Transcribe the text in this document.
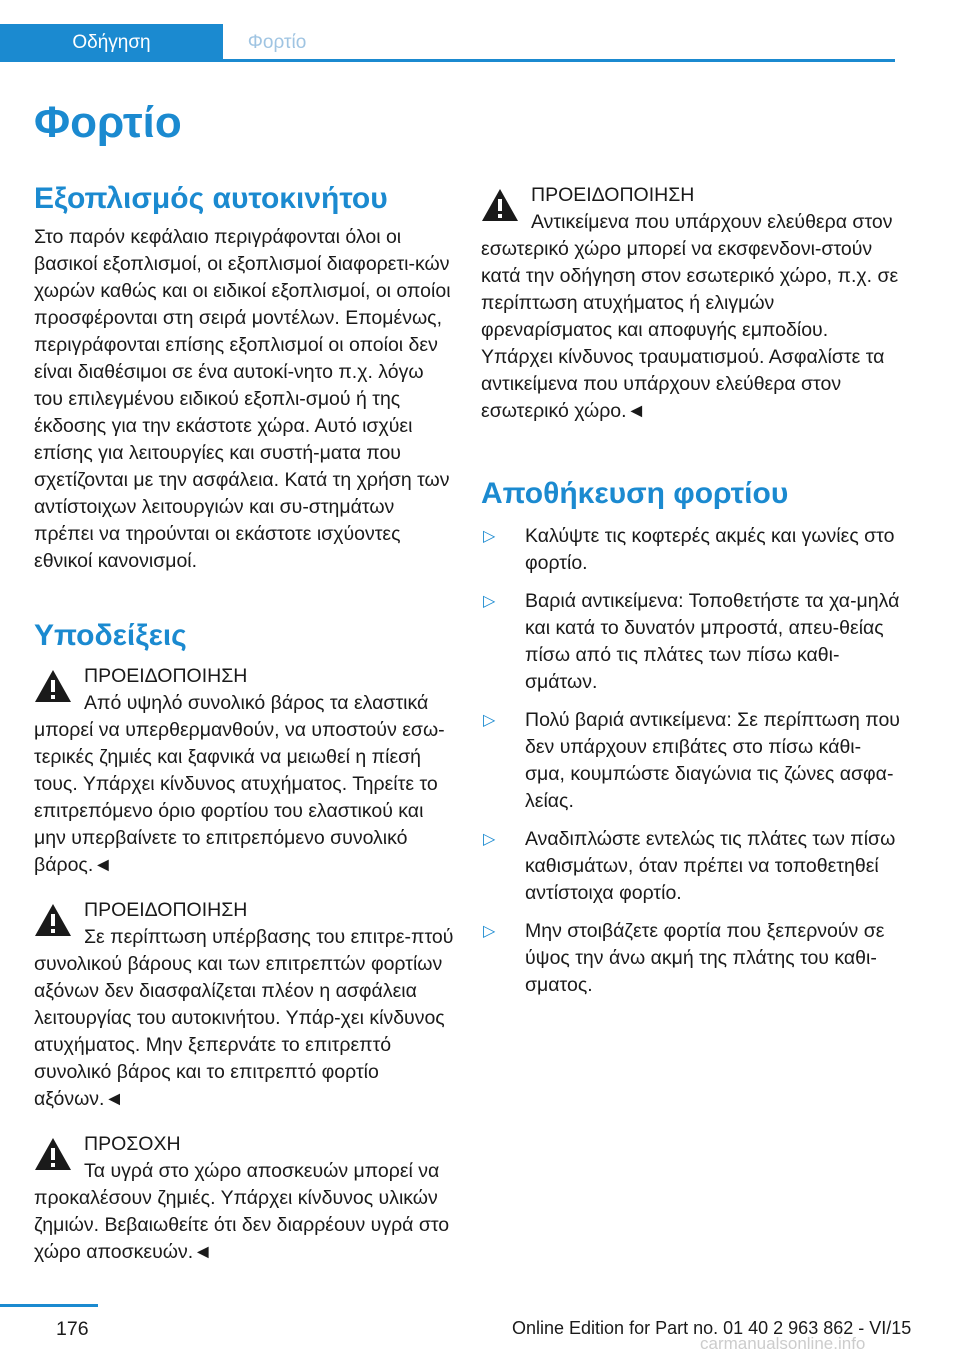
Οδήγηση	Φορτίο
Φορτίο
Εξοπλισμός αυτοκινήτου

Στο παρόν κεφάλαιο περιγράφονται όλοι οι βασικοί εξοπλισμοί, οι εξοπλισμοί διαφορετι‐κών χωρών καθώς και οι ειδικοί εξοπλισμοί, οι οποίοι προσφέρονται στη σειρά μοντέλων. Επομένως, περιγράφονται επίσης εξοπλισμοί οι οποίοι δεν είναι διαθέσιμοι σε ένα αυτοκί‐νητο π.χ. λόγω του επιλεγμένου ειδικού εξοπλι‐σμού ή της έκδοσης για την εκάστοτε χώρα. Αυτό ισχύει επίσης για λειτουργίες και συστή‐ματα που σχετίζονται με την ασφάλεια. Κατά τη χρήση των αντίστοιχων λειτουργιών και συ‐στημάτων πρέπει να τηρούνται οι εκάστοτε ισχύοντες εθνικοί κανονισμοί.

Υποδείξεις
ΠΡΟΕΙΔΟΠΟΙΗΣΗ
Από υψηλό συνολικό βάρος τα ελαστικά μπορεί να υπερθερμανθούν, να υποστούν εσω‐τερικές ζημιές και ξαφνικά να μειωθεί η πίεσή τους. Υπάρχει κίνδυνος ατυχήματος. Τηρείτε το επιτρεπόμενο όριο φορτίου του ελαστικού και μην υπερβαίνετε το επιτρεπόμενο συνολικό βάρος.◄
ΠΡΟΕΙΔΟΠΟΙΗΣΗ
Σε περίπτωση υπέρβασης του επιτρε‐πτού συνολικού βάρους και των επιτρεπτών φορτίων αξόνων δεν διασφαλίζεται πλέον η ασφάλεια λειτουργίας του αυτοκινήτου. Υπάρ‐χει κίνδυνος ατυχήματος. Μην ξεπερνάτε το επιτρεπτό συνολικό βάρος και το επιτρεπτό φορτίο αξόνων.◄
ΠΡΟΣΟΧΗ
Τα υγρά στο χώρο αποσκευών μπορεί να προκαλέσουν ζημιές. Υπάρχει κίνδυνος υλικών ζημιών. Βεβαιωθείτε ότι δεν διαρρέουν υγρά στο χώρο αποσκευών.◄
ΠΡΟΕΙΔΟΠΟΙΗΣΗ
Αντικείμενα που υπάρχουν ελεύθερα στον εσωτερικό χώρο μπορεί να εκσφενδονι‐στούν κατά την οδήγηση στον εσωτερικό χώρο, π.χ. σε περίπτωση ατυχήματος ή ελιγμών φρεναρίσματος και αποφυγής εμποδίου. Υπάρχει κίνδυνος τραυματισμού. Ασφαλίστε τα αντικείμενα που υπάρχουν ελεύθερα στον εσωτερικό χώρο.◄
Αποθήκευση φορτίου
▷ Καλύψτε τις κοφτερές ακμές και γωνίες στο φορτίο.
▷ Βαριά αντικείμενα: Τοποθετήστε τα χα‐μηλά και κατά το δυνατόν μπροστά, απευ‐θείας πίσω από τις πλάτες των πίσω καθι‐σμάτων.
▷ Πολύ βαριά αντικείμενα: Σε περίπτωση που δεν υπάρχουν επιβάτες στο πίσω κάθι‐σμα, κουμπώστε διαγώνια τις ζώνες ασφα‐λείας.
▷ Αναδιπλώστε εντελώς τις πλάτες των πίσω καθισμάτων, όταν πρέπει να τοποθετηθεί αντίστοιχα φορτίο.
▷ Μην στοιβάζετε φορτία που ξεπερνούν σε ύψος την άνω ακμή της πλάτης του καθι‐σματος.
176	Online Edition for Part no. 01 40 2 963 862 - VI/15
carmanualsonline.info
